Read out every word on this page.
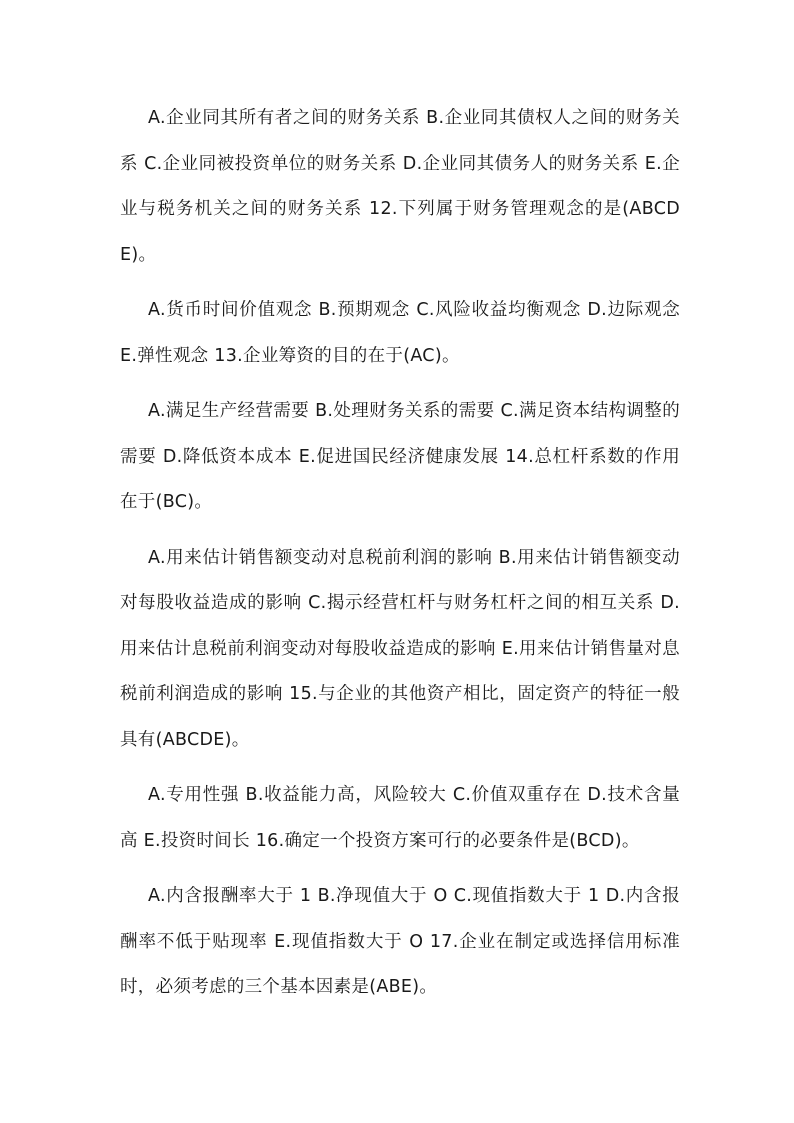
A.企业同其所有者之间的财务关系 B.企业同其债权人之间的财务关系 C.企业同被投资单位的财务关系 D.企业同其债务人的财务关系 E.企业与税务机关之间的财务关系 12.下列属于财务管理观念的是(ABCDE)。

A.货币时间价值观念 B.预期观念 C.风险收益均衡观念 D.边际观念 E.弹性观念 13.企业筹资的目的在于(AC)。

A.满足生产经营需要 B.处理财务关系的需要 C.满足资本结构调整的需要 D.降低资本成本 E.促进国民经济健康发展 14.总杠杆系数的作用在于(BC)。

A.用来估计销售额变动对息税前利润的影响 B.用来估计销售额变动对每股收益造成的影响 C.揭示经营杠杆与财务杠杆之间的相互关系 D.用来估计息税前利润变动对每股收益造成的影响 E.用来估计销售量对息税前利润造成的影响 15.与企业的其他资产相比，固定资产的特征一般具有(ABCDE)。

A.专用性强 B.收益能力高，风险较大 C.价值双重存在 D.技术含量高 E.投资时间长 16.确定一个投资方案可行的必要条件是(BCD)。

A.内含报酬率大于 1 B.净现值大于 O C.现值指数大于 1 D.内含报酬率不低于贴现率 E.现值指数大于 O 17.企业在制定或选择信用标准时，必须考虑的三个基本因素是(ABE)。
